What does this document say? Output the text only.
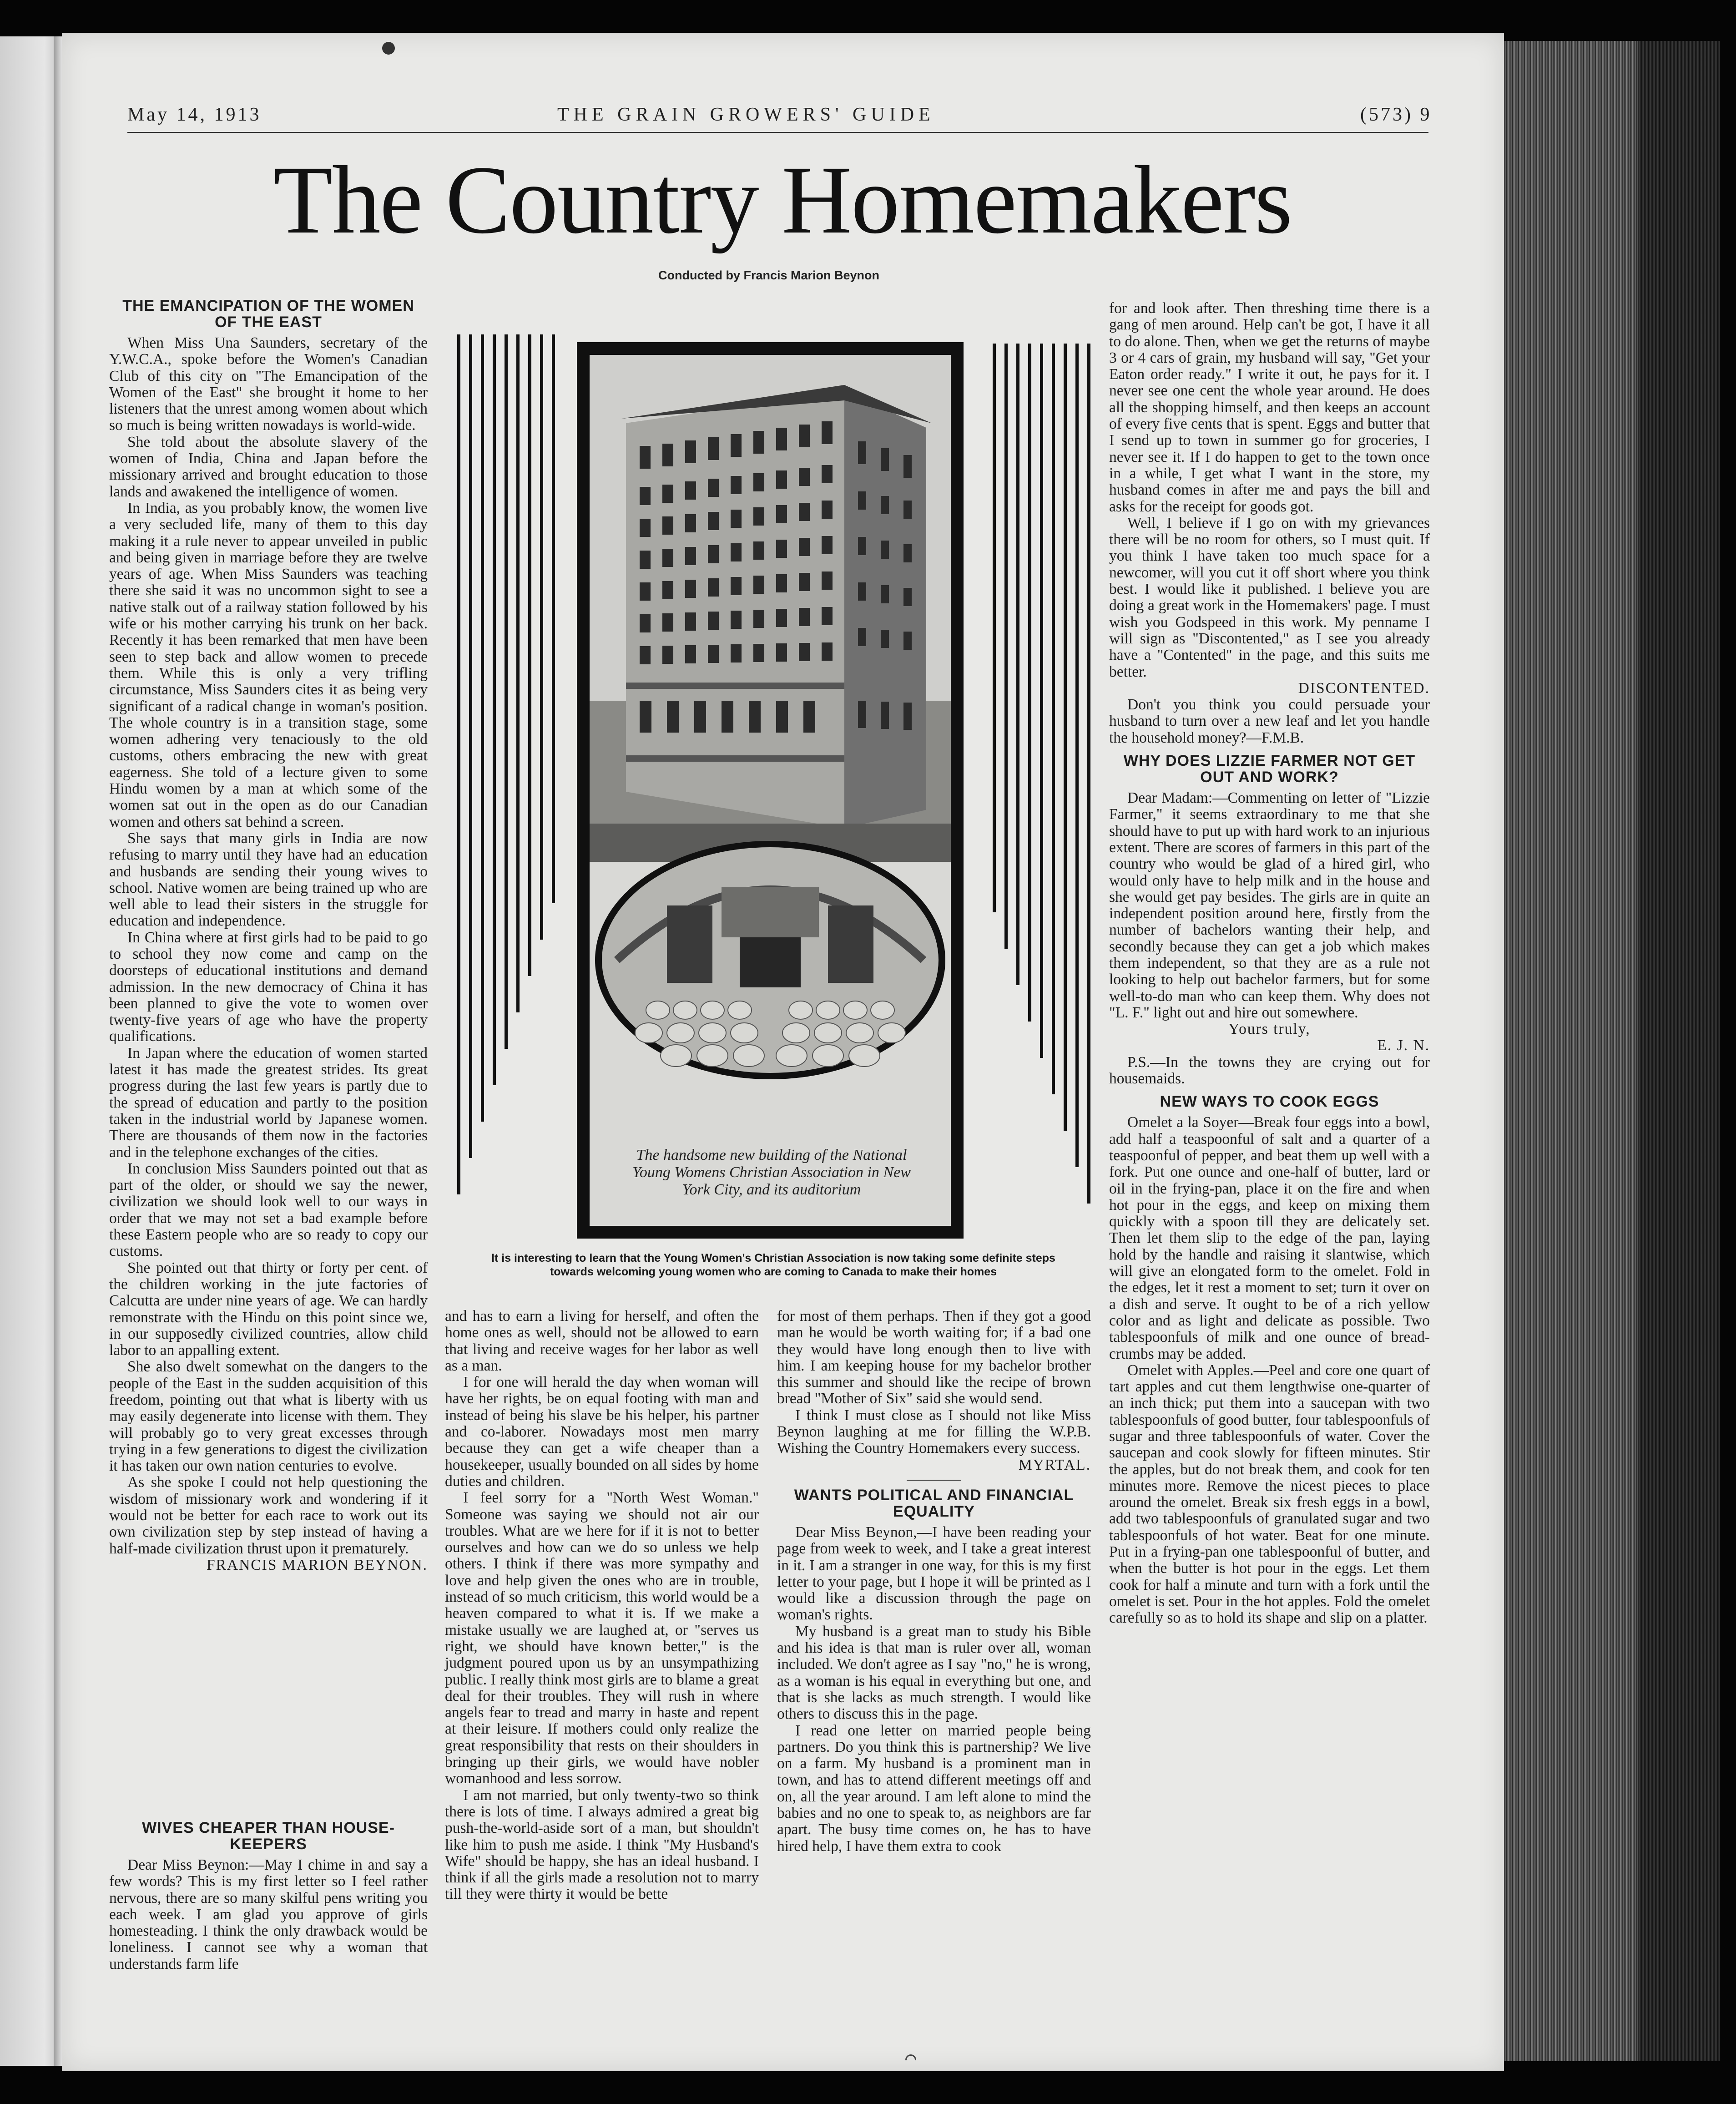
May 14, 1913	THE GRAIN GROWERS' GUIDE	(573) 9
The Country Homemakers
Conducted by Francis Marion Beynon
THE EMANCIPATION OF THE WOMEN OF THE EAST

When Miss Una Saunders, secretary of the Y.W.C.A., spoke before the Women's Canadian Club of this city on "The Emancipation of the Women of the East" she brought it home to her listeners that the unrest among women about which so much is being written nowadays is world-wide.

She told about the absolute slavery of the women of India, China and Japan before the missionary arrived and brought education to those lands and awakened the intelligence of women.

In India, as you probably know, the women live a very secluded life, many of them to this day making it a rule never to appear unveiled in public and being given in marriage before they are twelve years of age. When Miss Saunders was teaching there she said it was no uncommon sight to see a native stalk out of a railway station followed by his wife or his mother carrying his trunk on her back. Recently it has been remarked that men have been seen to step back and allow women to precede them. While this is only a very trifling circumstance, Miss Saunders cites it as being very significant of a radical change in woman's position. The whole country is in a transition stage, some women adhering very tenaciously to the old customs, others embracing the new with great eagerness. She told of a lecture given to some Hindu women by a man at which some of the women sat out in the open as do our Canadian women and others sat behind a screen.

She says that many girls in India are now refusing to marry until they have had an education and husbands are sending their young wives to school. Native women are being trained up who are well able to lead their sisters in the struggle for education and independence.

In China where at first girls had to be paid to go to school they now come and camp on the doorsteps of educational institutions and demand admission. In the new democracy of China it has been planned to give the vote to women over twenty-five years of age who have the property qualifications.

In Japan where the education of women started latest it has made the greatest strides. Its great progress during the last few years is partly due to the spread of education and partly to the position taken in the industrial world by Japanese women. There are thousands of them now in the factories and in the telephone exchanges of the cities.

In conclusion Miss Saunders pointed out that as part of the older, or should we say the newer, civilization we should look well to our ways in order that we may not set a bad example before these Eastern people who are so ready to copy our customs.

She pointed out that thirty or forty per cent. of the children working in the jute factories of Calcutta are under nine years of age. We can hardly remonstrate with the Hindu on this point since we, in our supposedly civilized countries, allow child labor to an appalling extent.

She also dwelt somewhat on the dangers to the people of the East in the sudden acquisition of this freedom, pointing out that what is liberty with us may easily degenerate into license with them. They will probably go to very great excesses through trying in a few generations to digest the civilization it has taken our own nation centuries to evolve.

As she spoke I could not help questioning the wisdom of missionary work and wondering if it would not be better for each race to work out its own civilization step by step instead of having a half-made civilization thrust upon it prematurely.

FRANCIS MARION BEYNON.

WIVES CHEAPER THAN HOUSE-KEEPERS

Dear Miss Beynon:—May I chime in and say a few words? This is my first letter so I feel rather nervous, there are so many skilful pens writing you each week. I am glad you approve of girls homesteading. I think the only drawback would be loneliness. I cannot see why a woman that understands farm life

and has to earn a living for herself, and often the home ones as well, should not be allowed to earn that living and receive wages for her labor as well as a man.

I for one will herald the day when woman will have her rights, be on equal footing with man and instead of being his slave be his helper, his partner and co-laborer. Nowadays most men marry because they can get a wife cheaper than a housekeeper, usually bounded on all sides by home duties and children.

I feel sorry for a "North West Woman." Someone was saying we should not air our troubles. What are we here for if it is not to better ourselves and how can we do so unless we help others. I think if there was more sympathy and love and help given the ones who are in trouble, instead of so much criticism, this world would be a heaven compared to what it is. If we make a mistake usually we are laughed at, or "serves us right, we should have known better," is the judgment poured upon us by an unsympathizing public. I really think most girls are to blame a great deal for their troubles. They will rush in where angels fear to tread and marry in haste and repent at their leisure. If mothers could only realize the great responsibility that rests on their shoulders in bringing up their girls, we would have nobler womanhood and less sorrow.

I am not married, but only twenty-two so think there is lots of time. I always admired a great big push-the-world-aside sort of a man, but shouldn't like him to push me aside. I think "My Husband's Wife" should be happy, she has an ideal husband. I think if all the girls made a resolution not to marry till they were thirty it would be bette

for most of them perhaps. Then if they got a good man he would be worth waiting for; if a bad one they would have long enough then to live with him. I am keeping house for my bachelor brother this summer and should like the recipe of brown bread "Mother of Six" said she would send.

I think I must close as I should not like Miss Beynon laughing at me for filling the W.P.B. Wishing the Country Homemakers every success.

MYRTAL.

WANTS POLITICAL AND FINANCIAL EQUALITY

Dear Miss Beynon,—I have been reading your page from week to week, and I take a great interest in it. I am a stranger in one way, for this is my first letter to your page, but I hope it will be printed as I would like a discussion through the page on woman's rights.

My husband is a great man to study his Bible and his idea is that man is ruler over all, woman included. We don't agree as I say "no," he is wrong, as a woman is his equal in everything but one, and that is she lacks as much strength. I would like others to discuss this in the page.

I read one letter on married people being partners. Do you think this is partnership? We live on a farm. My husband is a prominent man in town, and has to attend different meetings off and on, all the year around. I am left alone to mind the babies and no one to speak to, as neighbors are far apart. The busy time comes on, he has to have hired help, I have them extra to cook

for and look after. Then threshing time there is a gang of men around. Help can't be got, I have it all to do alone. Then, when we get the returns of maybe 3 or 4 cars of grain, my husband will say, "Get your Eaton order ready." I write it out, he pays for it. I never see one cent the whole year around. He does all the shopping himself, and then keeps an account of every five cents that is spent. Eggs and butter that I send up to town in summer go for groceries, I never see it. If I do happen to get to the town once in a while, I get what I want in the store, my husband comes in after me and pays the bill and asks for the receipt for goods got.

Well, I believe if I go on with my grievances there will be no room for others, so I must quit. If you think I have taken too much space for a newcomer, will you cut it off short where you think best. I would like it published. I believe you are doing a great work in the Homemakers' page. I must wish you Godspeed in this work. My penname I will sign as "Discontented," as I see you already have a "Contented" in the page, and this suits me better.

DISCONTENTED.

Don't you think you could persuade your husband to turn over a new leaf and let you handle the household money?—F.M.B.

WHY DOES LIZZIE FARMER NOT GET OUT AND WORK?

Dear Madam:—Commenting on letter of "Lizzie Farmer," it seems extraordinary to me that she should have to put up with hard work to an injurious extent. There are scores of farmers in this part of the country who would be glad of a hired girl, who would only have to help milk and in the house and she would get pay besides. The girls are in quite an independent position around here, firstly from the number of bachelors wanting their help, and secondly because they can get a job which makes them independent, so that they are as a rule not looking to help out bachelor farmers, but for some well-to-do man who can keep them. Why does not "L. F." light out and hire out somewhere.

Yours truly,

E. J. N.

P.S.—In the towns they are crying out for housemaids.

NEW WAYS TO COOK EGGS

Omelet a la Soyer—Break four eggs into a bowl, add half a teaspoonful of salt and a quarter of a teaspoonful of pepper, and beat them up well with a fork. Put one ounce and one-half of butter, lard or oil in the frying-pan, place it on the fire and when hot pour in the eggs, and keep on mixing them quickly with a spoon till they are delicately set. Then let them slip to the edge of the pan, laying hold by the handle and raising it slantwise, which will give an elongated form to the omelet. Fold in the edges, let it rest a moment to set; turn it over on a dish and serve. It ought to be of a rich yellow color and as light and delicate as possible. Two tablespoonfuls of milk and one ounce of bread-crumbs may be added.

Omelet with Apples.—Peel and core one quart of tart apples and cut them lengthwise one-quarter of an inch thick; put them into a saucepan with two tablespoonfuls of good butter, four tablespoonfuls of sugar and three tablespoonfuls of water. Cover the saucepan and cook slowly for fifteen minutes. Stir the apples, but do not break them, and cook for ten minutes more. Remove the nicest pieces to place around the omelet. Break six fresh eggs in a bowl, add two tablespoonfuls of granulated sugar and two tablespoonfuls of hot water. Beat for one minute. Put in a frying-pan one tablespoonful of butter, and when the butter is hot pour in the eggs. Let them cook for half a minute and turn with a fork until the omelet is set. Pour in the hot apples. Fold the omelet carefully so as to hold its shape and slip on a platter.

The handsome new building of the National Young Womens Christian Association in New York City, and its auditorium
It is interesting to learn that the Young Women's Christian Association is now taking some definite steps towards welcoming young women who are coming to Canada to make their homes
